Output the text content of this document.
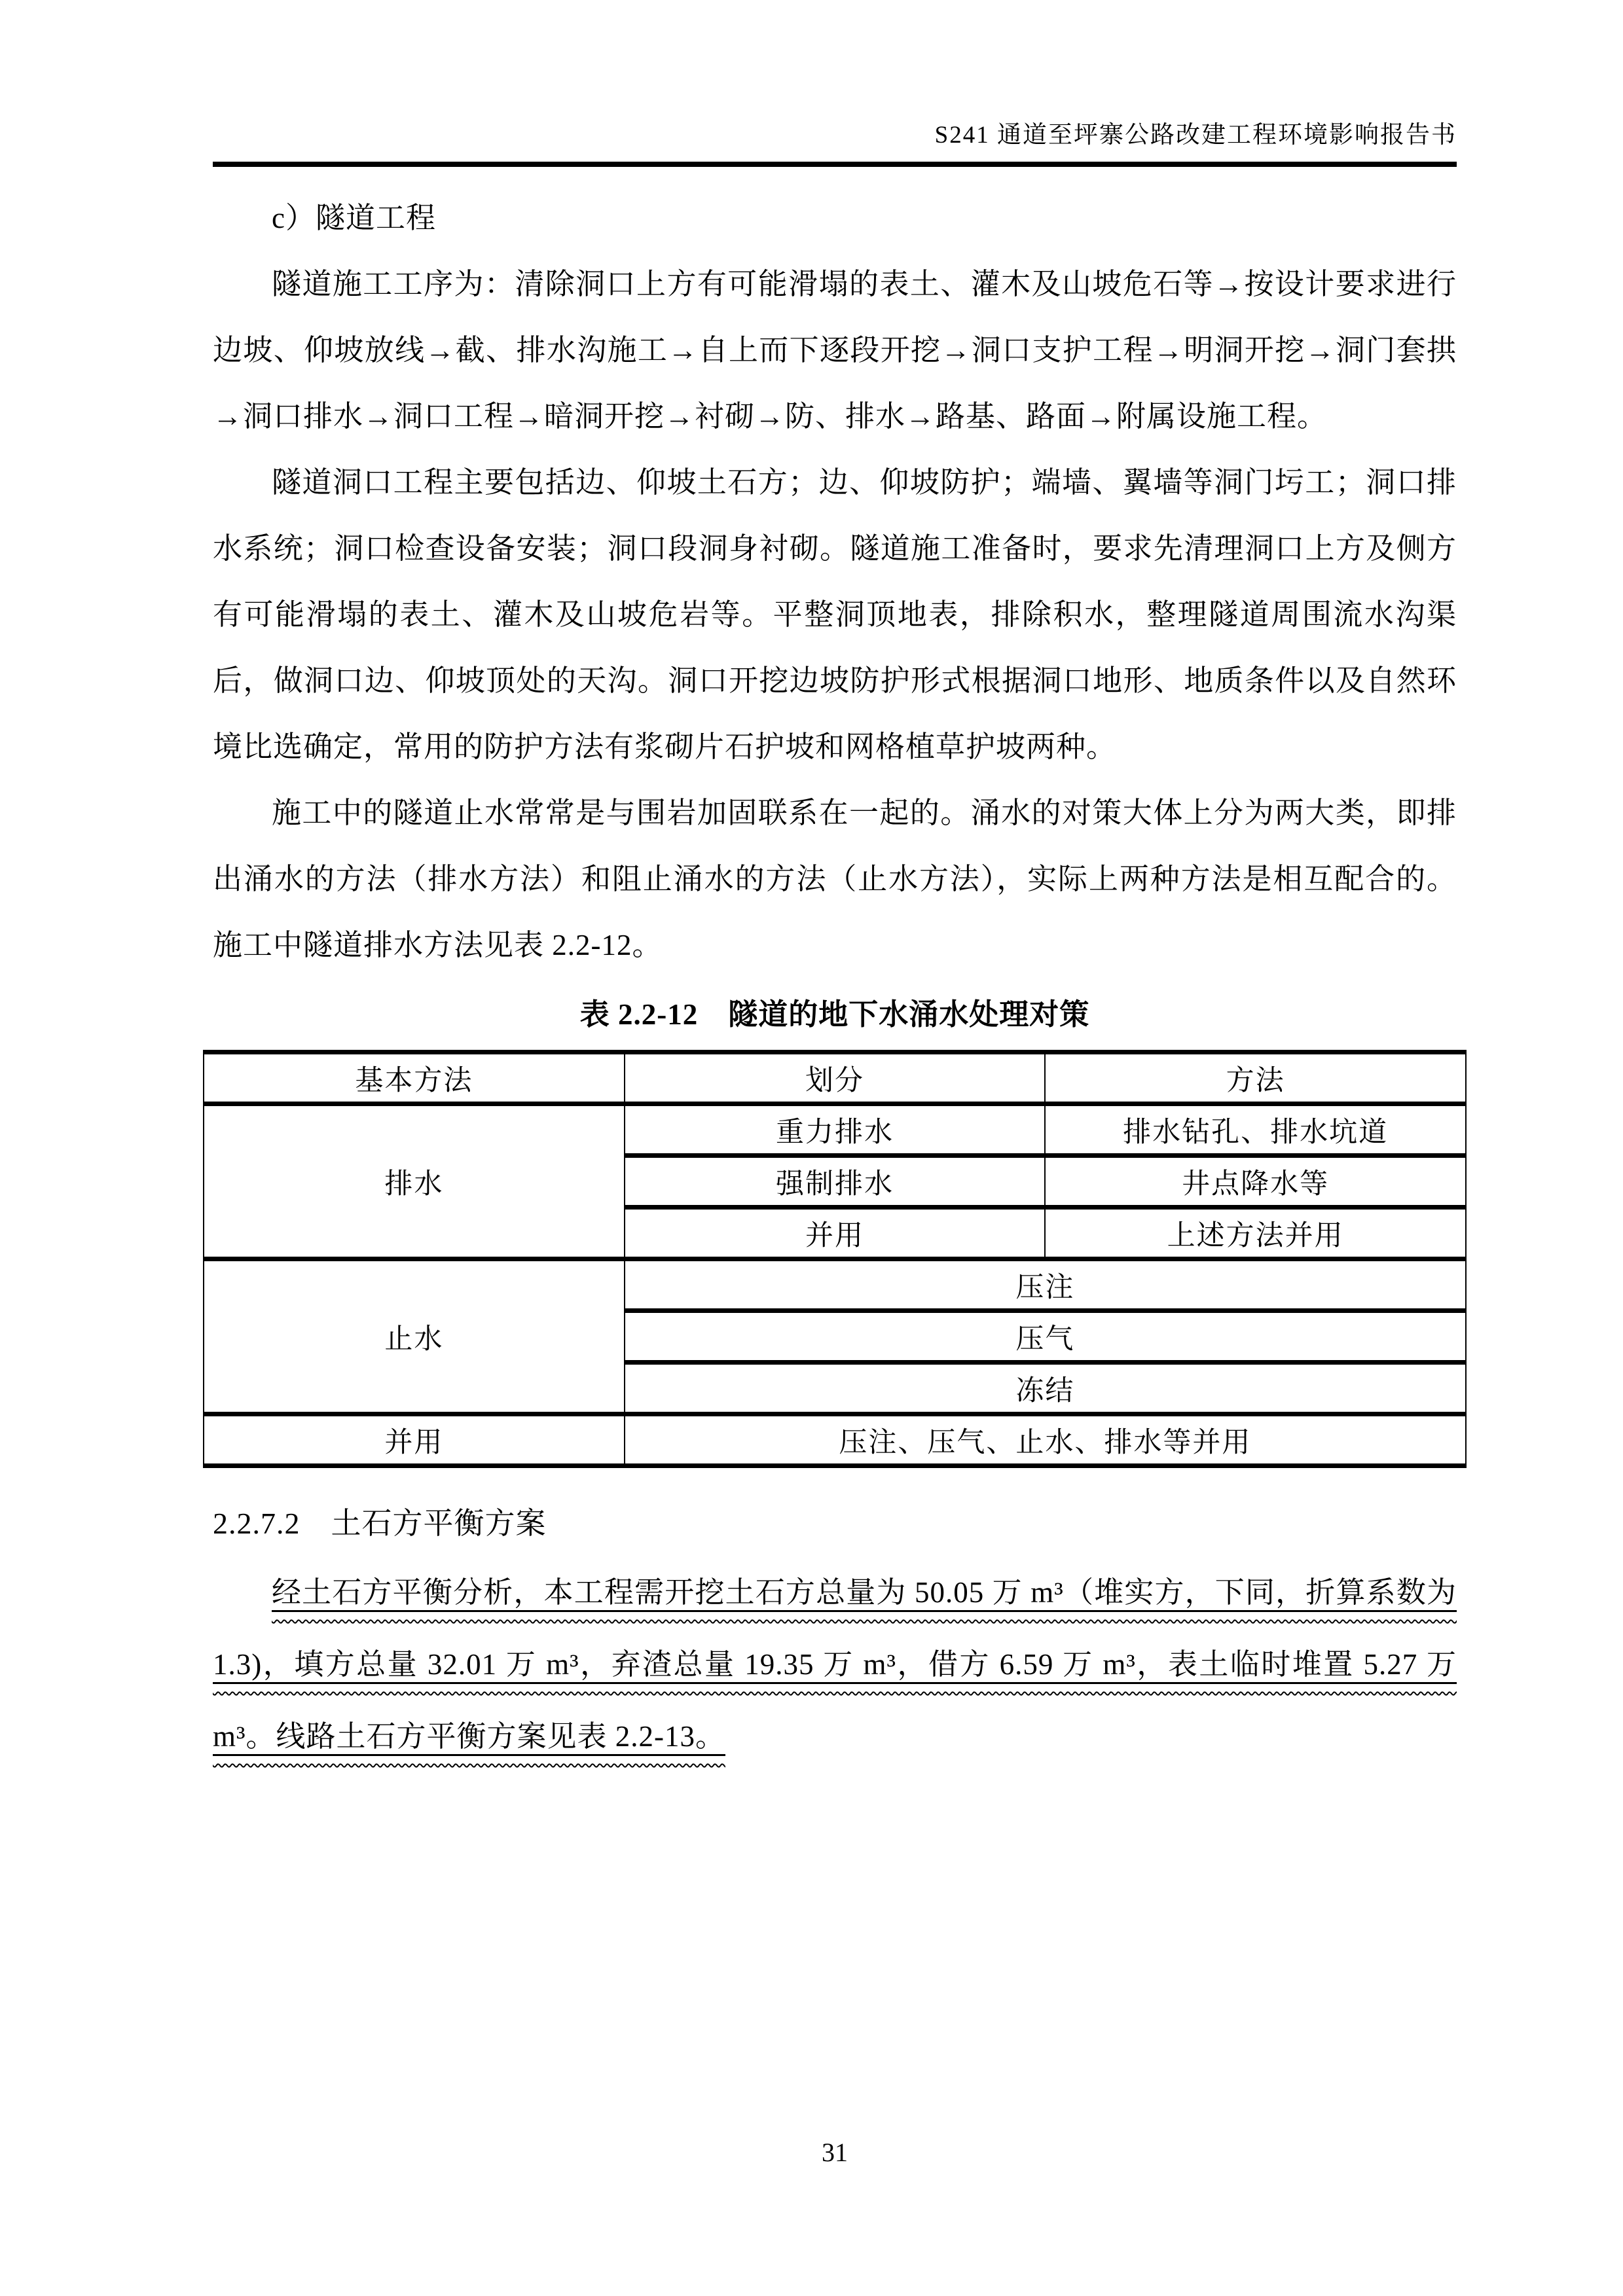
S241 通道至坪寨公路改建工程环境影响报告书

c）隧道工程

隧道施工工序为：清除洞口上方有可能滑塌的表土、灌木及山坡危石等→按设计要求进行边坡、仰坡放线→截、排水沟施工→自上而下逐段开挖→洞口支护工程→明洞开挖→洞门套拱→洞口排水→洞口工程→暗洞开挖→衬砌→防、排水→路基、路面→附属设施工程。

隧道洞口工程主要包括边、仰坡土石方；边、仰坡防护；端墙、翼墙等洞门圬工；洞口排水系统；洞口检查设备安装；洞口段洞身衬砌。隧道施工准备时，要求先清理洞口上方及侧方有可能滑塌的表土、灌木及山坡危岩等。平整洞顶地表，排除积水，整理隧道周围流水沟渠后，做洞口边、仰坡顶处的天沟。洞口开挖边坡防护形式根据洞口地形、地质条件以及自然环境比选确定，常用的防护方法有浆砌片石护坡和网格植草护坡两种。

施工中的隧道止水常常是与围岩加固联系在一起的。涌水的对策大体上分为两大类，即排出涌水的方法（排水方法）和阻止涌水的方法（止水方法），实际上两种方法是相互配合的。施工中隧道排水方法见表 2.2-12。

表 2.2-12　隧道的地下水涌水处理对策
基本方法	划分	方法
排水	重力排水	排水钻孔、排水坑道
	强制排水	井点降水等
	并用	上述方法并用
止水	压注	
	压气	
	冻结	
并用	压注、压气、止水、排水等并用	
2.2.7.2　土石方平衡方案

经土石方平衡分析，本工程需开挖土石方总量为 50.05 万 m³（堆实方，下同，折算系数为 1.3)，填方总量 32.01 万 m³，弃渣总量 19.35 万 m³，借方 6.59 万 m³，表土临时堆置 5.27 万 m³。线路土石方平衡方案见表 2.2-13。

31
